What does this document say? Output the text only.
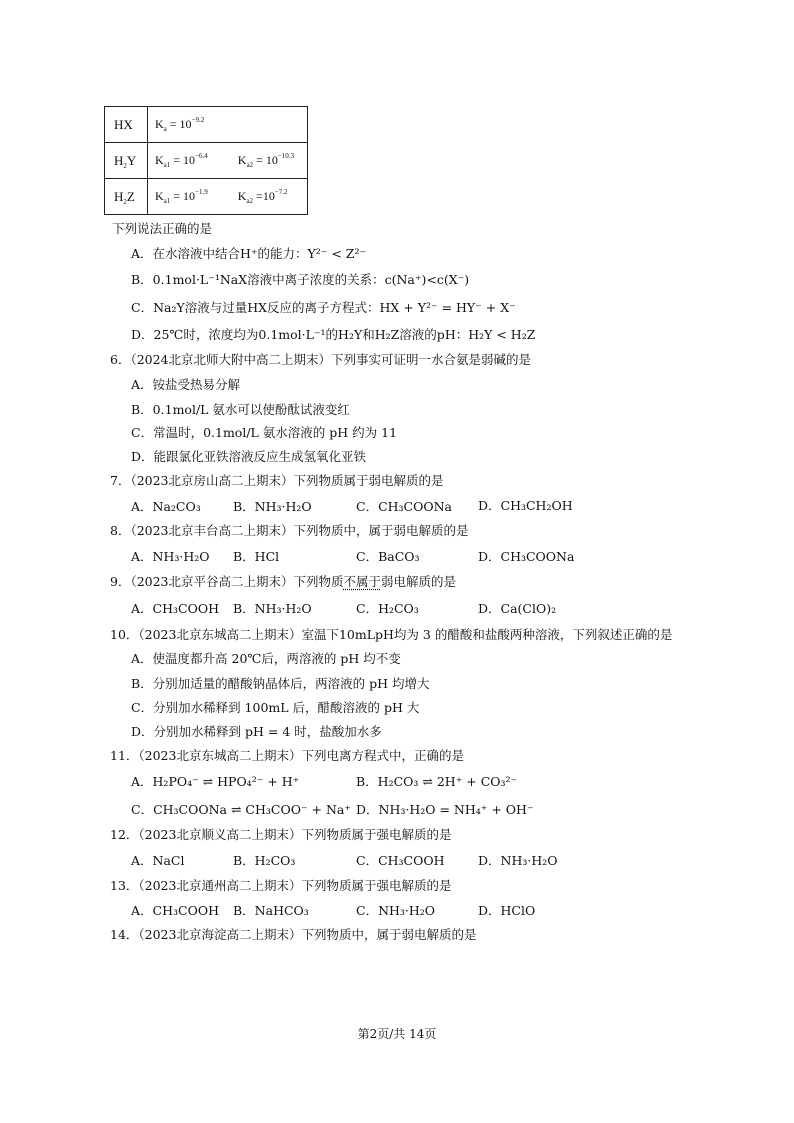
HX	$K_a = 10^{-9.2}$
$H_2Y$	$K_{a1} = 10^{-6.4}$ $K_{a2} = 10^{-10.3}$
$H_2Z$	$K_{a1} = 10^{-1.9}$ $K_{a2} =10^{-7.2}$
下列说法正确的是
A．在水溶液中结合H⁺的能力：Y²⁻ < Z²⁻
B．0.1mol·L⁻¹NaX溶液中离子浓度的关系：c(Na⁺)<c(X⁻)
C．Na₂Y溶液与过量HX反应的离子方程式：HX + Y²⁻ = HY⁻ + X⁻
D．25℃时，浓度均为0.1mol·L⁻¹的H₂Y和H₂Z溶液的pH：H₂Y < H₂Z
6．（2024北京北师大附中高二上期末）下列事实可证明一水合氨是弱碱的是
A．铵盐受热易分解
B．0.1mol/L 氨水可以使酚酞试液变红
C．常温时，0.1mol/L 氨水溶液的 pH 约为 11
D．能跟氯化亚铁溶液反应生成氢氧化亚铁
7．（2023北京房山高二上期末）下列物质属于弱电解质的是
A．Na₂CO₃	B．NH₃·H₂O	C．CH₃COONa D．CH₃CH₂OH
8．（2023北京丰台高二上期末）下列物质中，属于弱电解质的是
A．NH₃·H₂O B．HCl	C．BaCO₃	D．CH₃COONa
9．（2023北京平谷高二上期末）下列物质不属于弱电解质的是
A．CH₃COOH B．NH₃·H₂O	C．H₂CO₃	D．Ca(ClO)₂
10．（2023北京东城高二上期末）室温下10mLpH均为 3 的醋酸和盐酸两种溶液，下列叙述正确的是
A．使温度都升高 20℃后，两溶液的 pH 均不变
B．分别加适量的醋酸钠晶体后，两溶液的 pH 均增大
C．分别加水稀释到 100mL 后，醋酸溶液的 pH 大
D．分别加水稀释到 pH = 4 时，盐酸加水多
11．（2023北京东城高二上期末）下列电离方程式中，正确的是
A．H₂PO₄⁻ ⇌ HPO₄²⁻ + H⁺	B．H₂CO₃ ⇌ 2H⁺ + CO₃²⁻
C．CH₃COONa ⇌ CH₃COO⁻ + Na⁺ D．NH₃·H₂O = NH₄⁺ + OH⁻
12．（2023北京顺义高二上期末）下列物质属于强电解质的是
A．NaCl	B．H₂CO₃	C．CH₃COOH	D．NH₃·H₂O
13．（2023北京通州高二上期末）下列物质属于强电解质的是
A．CH₃COOH B．NaHCO₃	C．NH₃·H₂O	D．HClO
14．（2023北京海淀高二上期末）下列物质中，属于弱电解质的是
第2页/共 14页
